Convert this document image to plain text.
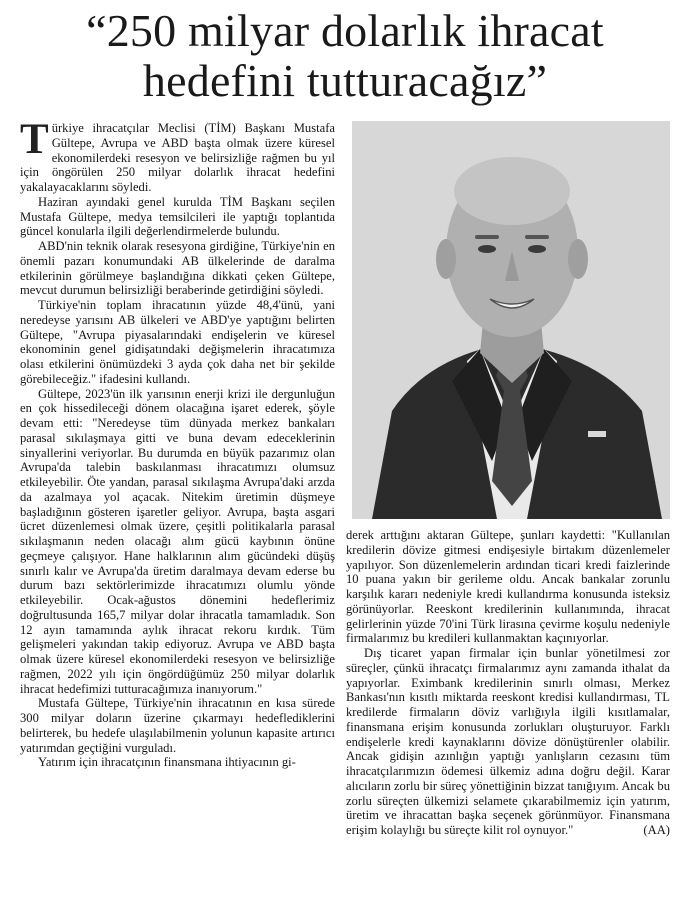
“250 milyar dolarlık ihracat hedefini tutturacağız”

Türkiye ihracatçılar Meclisi (TİM) Başkanı Mustafa Gültepe, Avrupa ve ABD başta olmak üzere küresel ekonomilerdeki resesyon ve belirsizliğe rağmen bu yıl için öngörülen 250 milyar dolarlık ihracat hedefini yakalayacaklarını söyledi.

Haziran ayındaki genel kurulda TİM Başkanı seçilen Mustafa Gültepe, medya temsilcileri ile yaptığı toplantıda güncel konularla ilgili değerlendirmelerde bulundu.

ABD'nin teknik olarak resesyona girdiğine, Türkiye'nin en önemli pazarı konumundaki AB ülkelerinde de daralma etkilerinin görülmeye başlandığına dikkati çeken Gültepe, mevcut durumun belirsizliği beraberinde getirdiğini söyledi.

Türkiye'nin toplam ihracatının yüzde 48,4'ünü, yani neredeyse yarısını AB ülkeleri ve ABD'ye yaptığını belirten Gültepe, "Avrupa piyasalarındaki endişelerin ve küresel ekonominin genel gidişatındaki değişmelerin ihracatımıza olası etkilerini önümüzdeki 3 ayda çok daha net bir şekilde görebileceğiz." ifadesini kullandı.

Gültepe, 2023'ün ilk yarısının enerji krizi ile dergunluğun en çok hissedileceği dönem olacağına işaret ederek, şöyle devam etti: "Neredeyse tüm dünyada merkez bankaları parasal sıkılaşmaya gitti ve buna devam edeceklerinin sinyallerini veriyorlar. Bu durumda en büyük pazarımız olan Avrupa'da talebin baskılanması ihracatımızı olumsuz etkileyebilir. Öte yandan, parasal sıkılaşma Avrupa'daki arzda da azalmaya yol açacak. Nitekim üretimin düşmeye başladığının gösteren işaretler geliyor. Avrupa, başta asgari ücret düzenlemesi olmak üzere, çeşitli politikalarla parasal sıkılaşmanın neden olacağı alım gücü kaybının önüne geçmeye çalışıyor. Hane halklarının alım gücündeki düşüş sınırlı kalır ve Avrupa'da üretim daralmaya devam ederse bu durum bazı sektörlerimizde ihracatımızı olumlu yönde etkileyebilir. Ocak-ağustos dönemini hedeflerimiz doğrultusunda 165,7 milyar dolar ihracatla tamamladık. Son 12 ayın tamamında aylık ihracat rekoru kırdık. Tüm gelişmeleri yakından takip ediyoruz. Avrupa ve ABD başta olmak üzere küresel ekonomilerdeki resesyon ve belirsizliğe rağmen, 2022 yılı için öngördüğümüz 250 milyar dolarlık ihracat hedefimizi tutturacağımıza inanıyorum."

Mustafa Gültepe, Türkiye'nin ihracatının en kısa sürede 300 milyar doların üzerine çıkarmayı hedeflediklerini belirterek, bu hedefe ulaşılabilmenin yolunun kapasite artırıcı yatırımdan geçtiğini vurguladı.

Yatırım için ihracatçının finansmana ihtiyacının gi-

derek arttığını aktaran Gültepe, şunları kaydetti: "Kullanılan kredilerin dövize gitmesi endişesiyle birtakım düzenlemeler yapılıyor. Son düzenlemelerin ardından ticari kredi faizlerinde 10 puana yakın bir gerileme oldu. Ancak bankalar zorunlu karşılık kararı nedeniyle kredi kullandırma konusunda isteksiz görünüyorlar. Reeskont kredilerinin kullanımında, ihracat gelirlerinin yüzde 70'ini Türk lirasına çevirme koşulu nedeniyle firmalarımız bu kredileri kullanmaktan kaçınıyorlar.

Dış ticaret yapan firmalar için bunlar yönetilmesi zor süreçler, çünkü ihracatçı firmalarımız aynı zamanda ithalat da yapıyorlar. Eximbank kredilerinin sınırlı olması, Merkez Bankası'nın kısıtlı miktarda reeskont kredisi kullandırması, TL kredilerde firmaların döviz varlığıyla ilgili kısıtlamalar, finansmana erişim konusunda zorlukları oluşturuyor. Farklı endişelerle kredi kaynaklarını dövize dönüştürenler olabilir. Ancak gidişin azınlığın yaptığı yanlışların cezasını tüm ihracatçılarımızın ödemesi ülkemiz adına doğru değil. Karar alıcıların zorlu bir süreç yönettiğinin bizzat tanığıyım. Ancak bu zorlu süreçten ülkemizi selamete çıkarabilmemiz için yatırım, üretim ve ihracattan başka seçenek görünmüyor. Finansmana erişim kolaylığı bu süreçte kilit rol oynuyor."	(AA)
